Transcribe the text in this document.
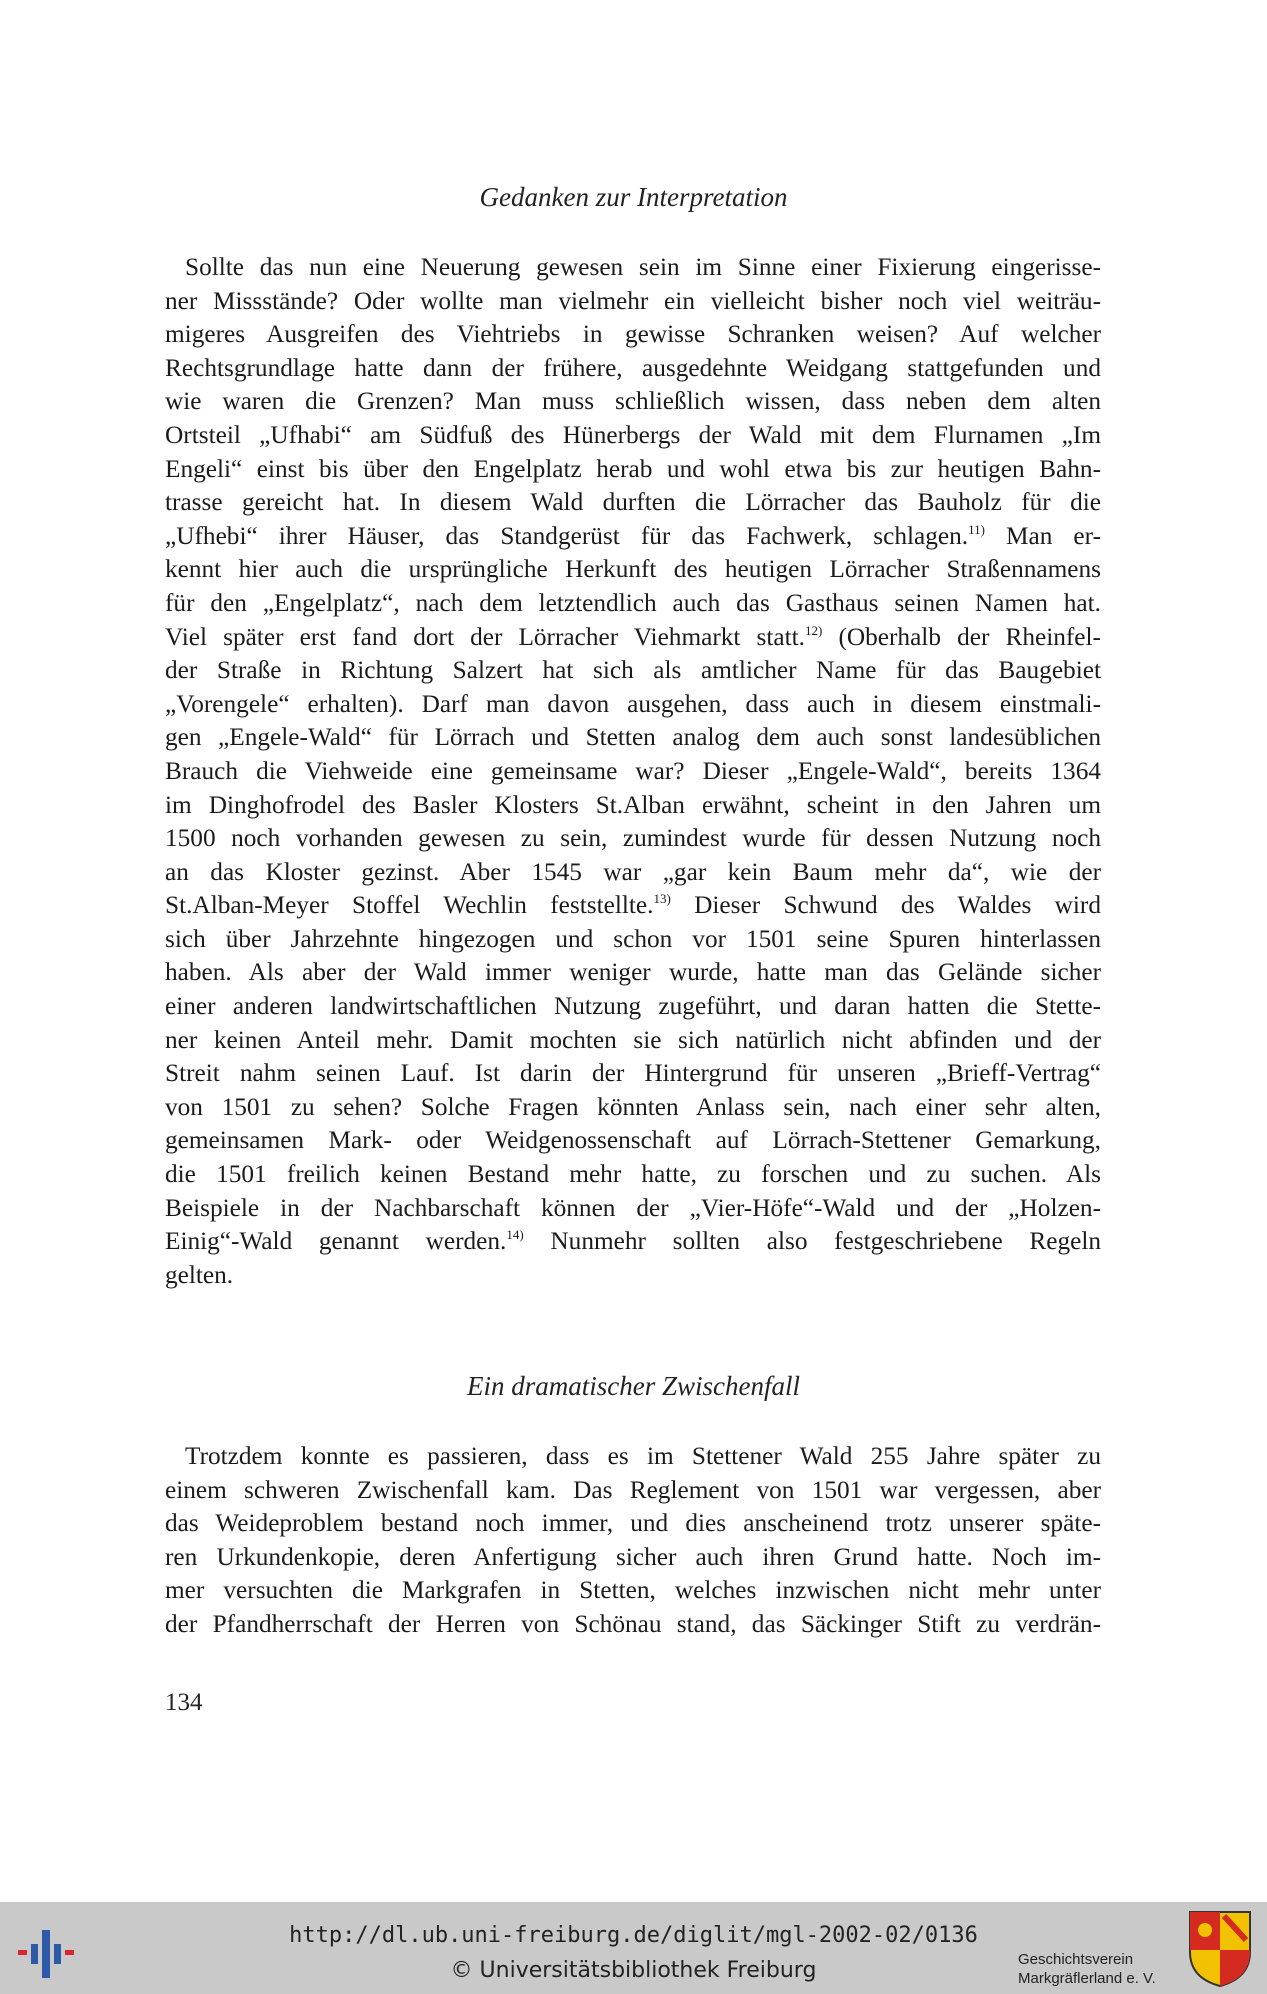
Gedanken zur Interpretation
Sollte das nun eine Neuerung gewesen sein im Sinne einer Fixierung eingerisse-
ner Missstände? Oder wollte man vielmehr ein vielleicht bisher noch viel weiträu-
migeres Ausgreifen des Viehtriebs in gewisse Schranken weisen? Auf welcher
Rechtsgrundlage hatte dann der frühere, ausgedehnte Weidgang stattgefunden und
wie waren die Grenzen? Man muss schließlich wissen, dass neben dem alten
Ortsteil „Ufhabi“ am Südfuß des Hünerbergs der Wald mit dem Flurnamen „Im
Engeli“ einst bis über den Engelplatz herab und wohl etwa bis zur heutigen Bahn-
trasse gereicht hat. In diesem Wald durften die Lörracher das Bauholz für die
„Ufhebi“ ihrer Häuser, das Standgerüst für das Fachwerk, schlagen.$^{11)}$ Man er-
kennt hier auch die ursprüngliche Herkunft des heutigen Lörracher Straßennamens
für den „Engelplatz“, nach dem letztendlich auch das Gasthaus seinen Namen hat.
Viel später erst fand dort der Lörracher Viehmarkt statt.$^{12)}$ (Oberhalb der Rheinfel-
der Straße in Richtung Salzert hat sich als amtlicher Name für das Baugebiet
„Vorengele“ erhalten). Darf man davon ausgehen, dass auch in diesem einstmali-
gen „Engele-Wald“ für Lörrach und Stetten analog dem auch sonst landesüblichen
Brauch die Viehweide eine gemeinsame war? Dieser „Engele-Wald“, bereits 1364
im Dinghofrodel des Basler Klosters St.Alban erwähnt, scheint in den Jahren um
1500 noch vorhanden gewesen zu sein, zumindest wurde für dessen Nutzung noch
an das Kloster gezinst. Aber 1545 war „gar kein Baum mehr da“, wie der
St.Alban-Meyer Stoffel Wechlin feststellte.$^{13)}$ Dieser Schwund des Waldes wird
sich über Jahrzehnte hingezogen und schon vor 1501 seine Spuren hinterlassen
haben. Als aber der Wald immer weniger wurde, hatte man das Gelände sicher
einer anderen landwirtschaftlichen Nutzung zugeführt, und daran hatten die Stette-
ner keinen Anteil mehr. Damit mochten sie sich natürlich nicht abfinden und der
Streit nahm seinen Lauf. Ist darin der Hintergrund für unseren „Brieff-Vertrag“
von 1501 zu sehen? Solche Fragen könnten Anlass sein, nach einer sehr alten,
gemeinsamen Mark- oder Weidgenossenschaft auf Lörrach-Stettener Gemarkung,
die 1501 freilich keinen Bestand mehr hatte, zu forschen und zu suchen. Als
Beispiele in der Nachbarschaft können der „Vier-Höfe“-Wald und der „Holzen-
Einig“-Wald genannt werden.$^{14)}$ Nunmehr sollten also festgeschriebene Regeln
gelten.
Ein dramatischer Zwischenfall
Trotzdem konnte es passieren, dass es im Stettener Wald 255 Jahre später zu
einem schweren Zwischenfall kam. Das Reglement von 1501 war vergessen, aber
das Weideproblem bestand noch immer, und dies anscheinend trotz unserer späte-
ren Urkundenkopie, deren Anfertigung sicher auch ihren Grund hatte. Noch im-
mer versuchten die Markgrafen in Stetten, welches inzwischen nicht mehr unter
der Pfandherrschaft der Herren von Schönau stand, das Säckinger Stift zu verdrän-
134
http://dl.ub.uni-freiburg.de/diglit/mgl-2002-02/0136
© Universitätsbibliothek Freiburg	Geschichtsverein
Markgräflerland e. V.
